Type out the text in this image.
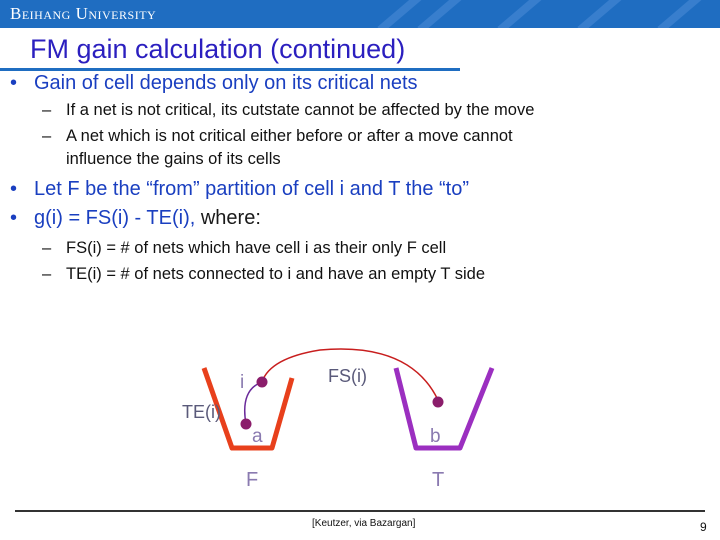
Beihang University
FM gain calculation (continued)
• Gain of cell depends only on its critical nets
– If a net is not critical, its cutstate cannot be affected by the move
– A net which is not critical either before or after a move cannot
influence the gains of its cells
• Let F be the “from” partition of cell i and T the “to”
• g(i) = FS(i) - TE(i), where:
– FS(i) = # of nets which have cell i as their only F cell
– TE(i) = # of nets connected to i and have an empty T side
i
a	b
FS(i)
TE(i)
F	T
[Keutzer, via Bazargan]	9
